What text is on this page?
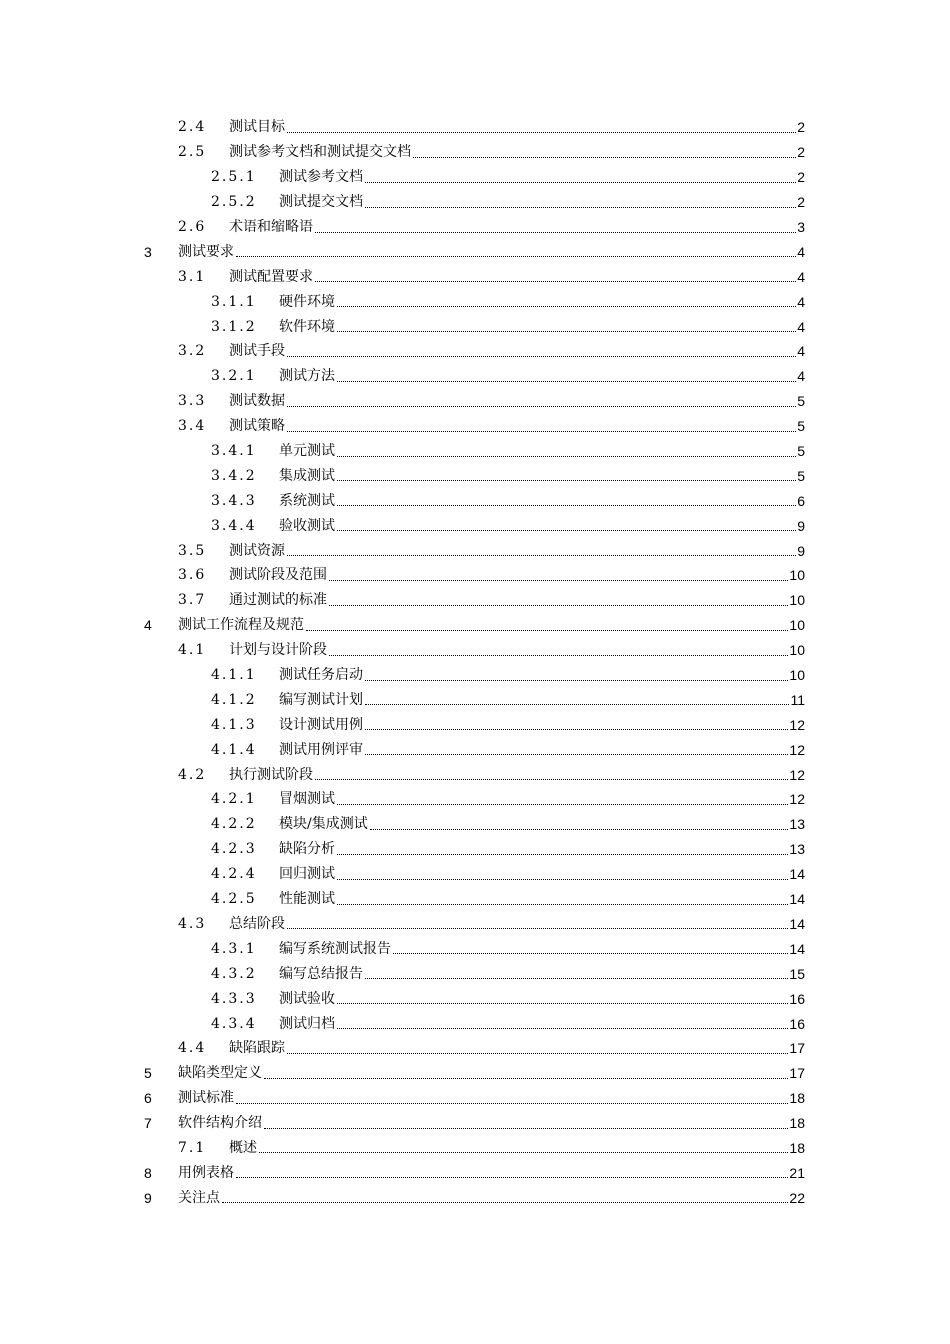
2.4 测试目标	2
2.5 测试参考文档和测试提交文档	2
2.5.1 测试参考文档	2
2.5.2 测试提交文档	2
2.6 术语和缩略语	3
3 测试要求	4
3.1 测试配置要求	4
3.1.1 硬件环境	4
3.1.2 软件环境	4
3.2 测试手段	4
3.2.1 测试方法	4
3.3 测试数据	5
3.4 测试策略	5
3.4.1 单元测试	5
3.4.2 集成测试	5
3.4.3 系统测试	6
3.4.4 验收测试	9
3.5 测试资源	9
3.6 测试阶段及范围	10
3.7 通过测试的标准	10
4 测试工作流程及规范	10
4.1 计划与设计阶段	10
4.1.1 测试任务启动	10
4.1.2 编写测试计划	11
4.1.3 设计测试用例	12
4.1.4 测试用例评审	12
4.2 执行测试阶段	12
4.2.1 冒烟测试	12
4.2.2 模块/集成测试	13
4.2.3 缺陷分析	13
4.2.4 回归测试	14
4.2.5 性能测试	14
4.3 总结阶段	14
4.3.1 编写系统测试报告	14
4.3.2 编写总结报告	15
4.3.3 测试验收	16
4.3.4 测试归档	16
4.4 缺陷跟踪	17
5 缺陷类型定义	17
6 测试标准	18
7 软件结构介绍	18
7.1 概述	18
8 用例表格	21
9 关注点	22
